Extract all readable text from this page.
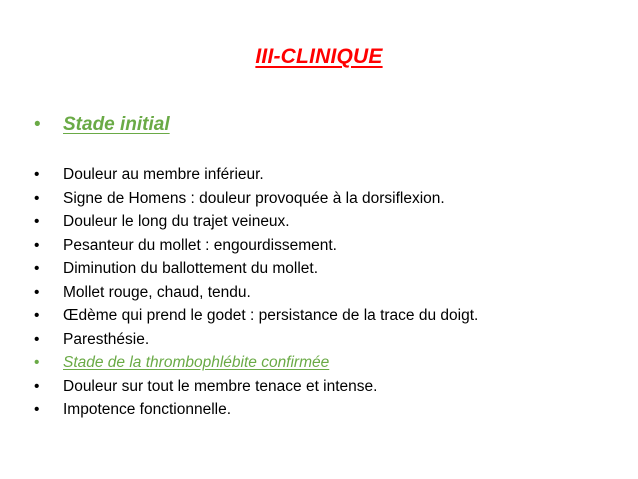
III-CLINIQUE
•	Stade initial
•	Douleur au membre inférieur.
•	Signe de Homens : douleur provoquée à la dorsiflexion.
•	Douleur le long du trajet veineux.
•	Pesanteur du mollet : engourdissement.
•	Diminution du ballottement du mollet.
•	Mollet rouge, chaud, tendu.
•	Œdème qui prend le godet : persistance de la trace du doigt.
•	Paresthésie.
•	Stade de la thrombophlébite confirmée
•	Douleur sur tout le membre tenace et intense.
•	Impotence fonctionnelle.
